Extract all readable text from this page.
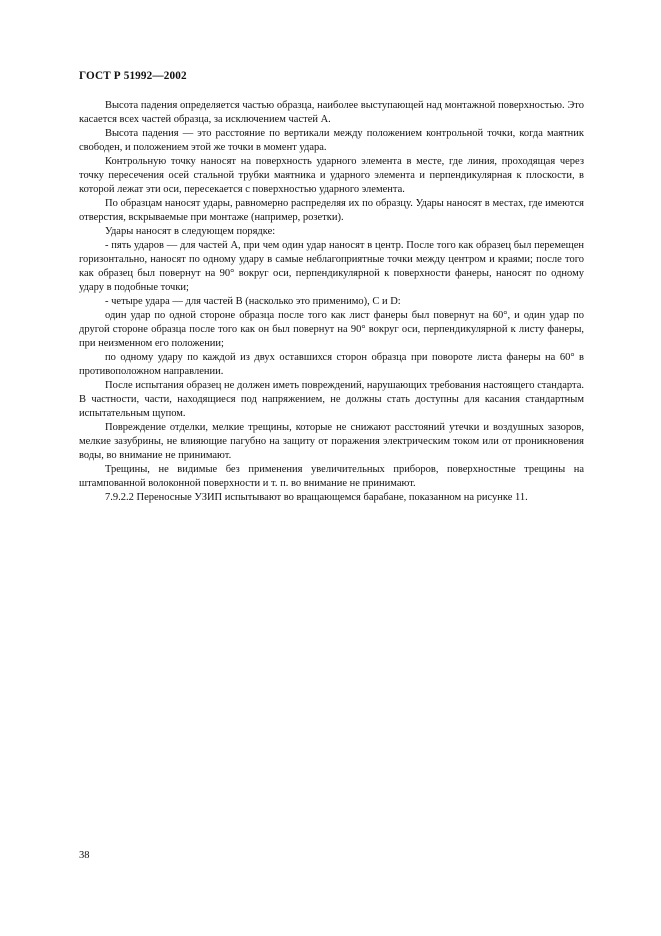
ГОСТ Р 51992—2002

Высота падения определяется частью образца, наиболее выступающей над монтажной поверхностью. Это касается всех частей образца, за исключением частей А.

Высота падения — это расстояние по вертикали между положением контрольной точки, когда маятник свободен, и положением этой же точки в момент удара.

Контрольную точку наносят на поверхность ударного элемента в месте, где линия, проходящая через точку пересечения осей стальной трубки маятника и ударного элемента и перпендикулярная к плоскости, в которой лежат эти оси, пересекается с поверхностью ударного элемента.

По образцам наносят удары, равномерно распределяя их по образцу. Удары наносят в местах, где имеются отверстия, вскрываемые при монтаже (например, розетки).

Удары наносят в следующем порядке:

- пять ударов — для частей А, при чем один удар наносят в центр. После того как образец был перемещен горизонтально, наносят по одному удару в самые неблагоприятные точки между центром и краями; после того как образец был повернут на 90° вокруг оси, перпендикулярной к поверхности фанеры, наносят по одному удару в подобные точки;

- четыре удара — для частей В (насколько это применимо), С и D:

один удар по одной стороне образца после того как лист фанеры был повернут на 60°, и один удар по другой стороне образца после того как он был повернут на 90° вокруг оси, перпендикулярной к листу фанеры, при неизменном его положении;

по одному удару по каждой из двух оставшихся сторон образца при повороте листа фанеры на 60° в противоположном направлении.

После испытания образец не должен иметь повреждений, нарушающих требования настоящего стандарта. В частности, части, находящиеся под напряжением, не должны стать доступны для касания стандартным испытательным щупом.

Повреждение отделки, мелкие трещины, которые не снижают расстояний утечки и воздушных зазоров, мелкие зазубрины, не влияющие пагубно на защиту от поражения электрическим током или от проникновения воды, во внимание не принимают.

Трещины, не видимые без применения увеличительных приборов, поверхностные трещины на штампованной волоконной поверхности и т. п. во внимание не принимают.

7.9.2.2 Переносные УЗИП испытывают во вращающемся барабане, показанном на рисунке 11.

38
